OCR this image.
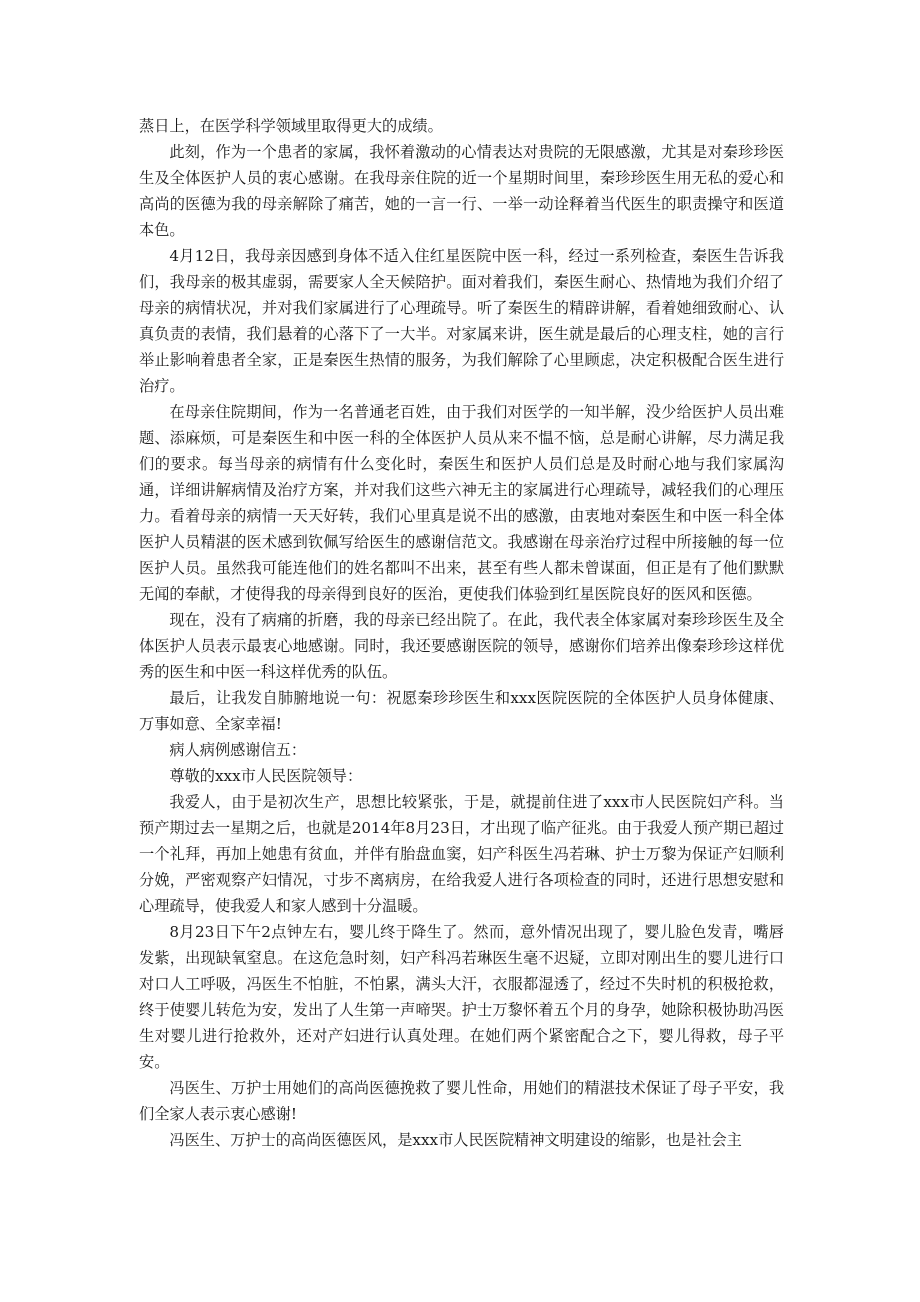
蒸日上，在医学科学领域里取得更大的成绩。

此刻，作为一个患者的家属，我怀着激动的心情表达对贵院的无限感激，尤其是对秦珍珍医生及全体医护人员的衷心感谢。在我母亲住院的近一个星期时间里，秦珍珍医生用无私的爱心和高尚的医德为我的母亲解除了痛苦，她的一言一行、一举一动诠释着当代医生的职责操守和医道本色。

4月12日，我母亲因感到身体不适入住红星医院中医一科，经过一系列检查，秦医生告诉我们，我母亲的极其虚弱，需要家人全天候陪护。面对着我们，秦医生耐心、热情地为我们介绍了母亲的病情状况，并对我们家属进行了心理疏导。听了秦医生的精辟讲解，看着她细致耐心、认真负责的表情，我们悬着的心落下了一大半。对家属来讲，医生就是最后的心理支柱，她的言行举止影响着患者全家，正是秦医生热情的服务，为我们解除了心里顾虑，决定积极配合医生进行治疗。

在母亲住院期间，作为一名普通老百姓，由于我们对医学的一知半解，没少给医护人员出难题、添麻烦，可是秦医生和中医一科的全体医护人员从来不愠不恼，总是耐心讲解，尽力满足我们的要求。每当母亲的病情有什么变化时，秦医生和医护人员们总是及时耐心地与我们家属沟通，详细讲解病情及治疗方案，并对我们这些六神无主的家属进行心理疏导，减轻我们的心理压力。看着母亲的病情一天天好转，我们心里真是说不出的感激，由衷地对秦医生和中医一科全体医护人员精湛的医术感到钦佩写给医生的感谢信范文。我感谢在母亲治疗过程中所接触的每一位医护人员。虽然我可能连他们的姓名都叫不出来，甚至有些人都未曾谋面，但正是有了他们默默无闻的奉献，才使得我的母亲得到良好的医治，更使我们体验到红星医院良好的医风和医德。

现在，没有了病痛的折磨，我的母亲已经出院了。在此，我代表全体家属对秦珍珍医生及全体医护人员表示最衷心地感谢。同时，我还要感谢医院的领导，感谢你们培养出像秦珍珍这样优秀的医生和中医一科这样优秀的队伍。

最后，让我发自肺腑地说一句：祝愿秦珍珍医生和xxx医院医院的全体医护人员身体健康、万事如意、全家幸福!

病人病例感谢信五：

尊敬的xxx市人民医院领导：

我爱人，由于是初次生产，思想比较紧张，于是，就提前住进了xxx市人民医院妇产科。当预产期过去一星期之后，也就是2014年8月23日，才出现了临产征兆。由于我爱人预产期已超过一个礼拜，再加上她患有贫血，并伴有胎盘血窦，妇产科医生冯若琳、护士万黎为保证产妇顺利分娩，严密观察产妇情况，寸步不离病房，在给我爱人进行各项检查的同时，还进行思想安慰和心理疏导，使我爱人和家人感到十分温暖。

8月23日下午2点钟左右，婴儿终于降生了。然而，意外情况出现了，婴儿脸色发青，嘴唇发紫，出现缺氧窒息。在这危急时刻，妇产科冯若琳医生毫不迟疑，立即对刚出生的婴儿进行口对口人工呼吸，冯医生不怕脏，不怕累，满头大汗，衣服都湿透了，经过不失时机的积极抢救，终于使婴儿转危为安，发出了人生第一声啼哭。护士万黎怀着五个月的身孕，她除积极协助冯医生对婴儿进行抢救外，还对产妇进行认真处理。在她们两个紧密配合之下，婴儿得救，母子平安。

冯医生、万护士用她们的高尚医德挽救了婴儿性命，用她们的精湛技术保证了母子平安，我们全家人表示衷心感谢!

冯医生、万护士的高尚医德医风，是xxx市人民医院精神文明建设的缩影，也是社会主
